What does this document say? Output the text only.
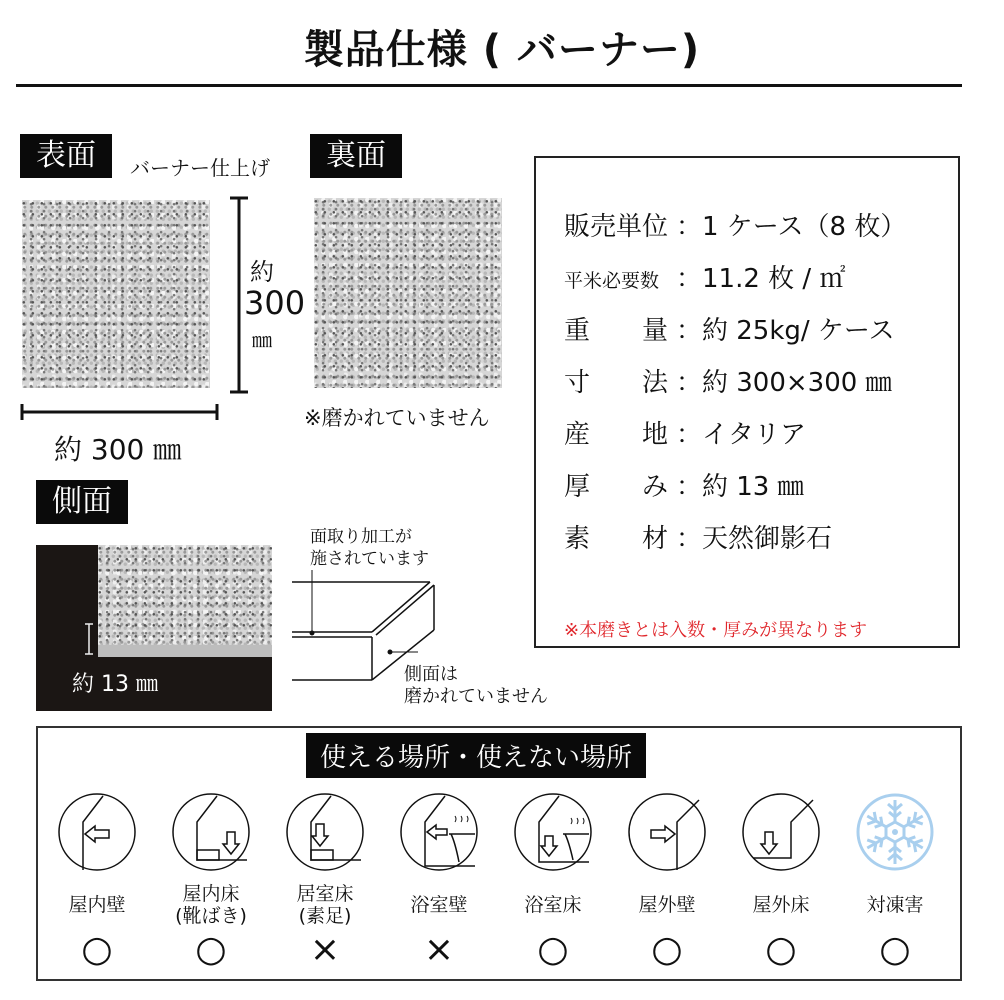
製品仕様 ( バーナー)
表面	バーナー仕上げ
約
300
㎜
約 300 ㎜
裏面
※磨かれていません
販売単位 ：1 ケース（8 枚）
平米必要数 ：11.2 枚 / ㎡
重　　量 ：約 25kg/ ケース
寸　　法 ：約 300×300 ㎜
産　　地 ：イタリア
厚　　み ：約 13 ㎜
素　　材 ：天然御影石
※本磨きとは入数・厚みが異なります
側面
約 13 ㎜
面取り加工が
施されています
側面は
磨かれていません
使える場所・使えない場所
屋内壁
○
屋内床
(靴ばき)
○
居室床
(素足)
×
浴室壁
×
浴室床
○
屋外壁
○
屋外床
○
対凍害
○
